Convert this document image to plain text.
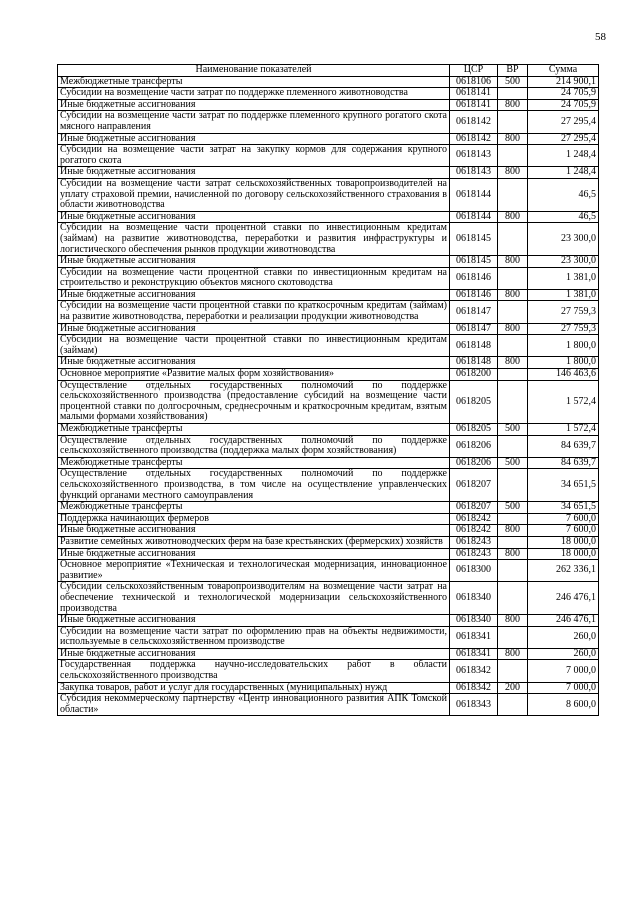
58
Наименование показателей	ЦСР	ВР	Сумма
Межбюджетные трансферты	0618106	500	214 900,1
Субсидии на возмещение части затрат по поддержке племенного животноводства	0618141		24 705,9
Иные бюджетные ассигнования	0618141	800	24 705,9
Субсидии на возмещение части затрат по поддержке племенного крупного рогатого скота мясного направления	0618142		27 295,4
Иные бюджетные ассигнования	0618142	800	27 295,4
Субсидии на возмещение части затрат на закупку кормов для содержания крупного рогатого скота	0618143		1 248,4
Иные бюджетные ассигнования	0618143	800	1 248,4
Субсидии на возмещение части затрат сельскохозяйственных товаропроизводителей на уплату страховой премии, начисленной по договору сельскохозяйственного страхования в области животноводства	0618144		46,5
Иные бюджетные ассигнования	0618144	800	46,5
Субсидии на возмещение части процентной ставки по инвестиционным кредитам (займам) на развитие животноводства, переработки и развития инфраструктуры и логистического обеспечения рынков продукции животноводства	0618145		23 300,0
Иные бюджетные ассигнования	0618145	800	23 300,0
Субсидии на возмещение части процентной ставки по инвестиционным кредитам на строительство и реконструкцию объектов мясного скотоводства	0618146		1 381,0
Иные бюджетные ассигнования	0618146	800	1 381,0
Субсидии на возмещение части процентной ставки по краткосрочным кредитам (займам) на развитие животноводства, переработки и реализации продукции животноводства	0618147		27 759,3
Иные бюджетные ассигнования	0618147	800	27 759,3
Субсидии на возмещение части процентной ставки по инвестиционным кредитам (займам)	0618148		1 800,0
Иные бюджетные ассигнования	0618148	800	1 800,0
Основное мероприятие «Развитие малых форм хозяйствования»	0618200		146 463,6
Осуществление отдельных государственных полномочий по поддержке сельскохозяйственного производства (предоставление субсидий на возмещение части процентной ставки по долгосрочным, среднесрочным и краткосрочным кредитам, взятым малыми формами хозяйствования)	0618205		1 572,4
Межбюджетные трансферты	0618205	500	1 572,4
Осуществление отдельных государственных полномочий по поддержке сельскохозяйственного производства (поддержка малых форм хозяйствования)	0618206		84 639,7
Межбюджетные трансферты	0618206	500	84 639,7
Осуществление отдельных государственных полномочий по поддержке сельскохозяйственного производства, в том числе на осуществление управленческих функций органами местного самоуправления	0618207		34 651,5
Межбюджетные трансферты	0618207	500	34 651,5
Поддержка начинающих фермеров	0618242		7 600,0
Иные бюджетные ассигнования	0618242	800	7 600,0
Развитие семейных животноводческих ферм на базе крестьянских (фермерских) хозяйств	0618243		18 000,0
Иные бюджетные ассигнования	0618243	800	18 000,0
Основное мероприятие «Техническая и технологическая модернизация, инновационное развитие»	0618300		262 336,1
Субсидии сельскохозяйственным товаропроизводителям на возмещение части затрат на обеспечение технической и технологической модернизации сельскохозяйственного производства	0618340		246 476,1
Иные бюджетные ассигнования	0618340	800	246 476,1
Субсидии на возмещение части затрат по оформлению прав на объекты недвижимости, используемые в сельскохозяйственном производстве	0618341		260,0
Иные бюджетные ассигнования	0618341	800	260,0
Государственная поддержка научно-исследовательских работ в области сельскохозяйственного производства	0618342		7 000,0
Закупка товаров, работ и услуг для государственных (муниципальных) нужд	0618342	200	7 000,0
Субсидия некоммерческому партнерству «Центр инновационного развития АПК Томской области»	0618343		8 600,0
